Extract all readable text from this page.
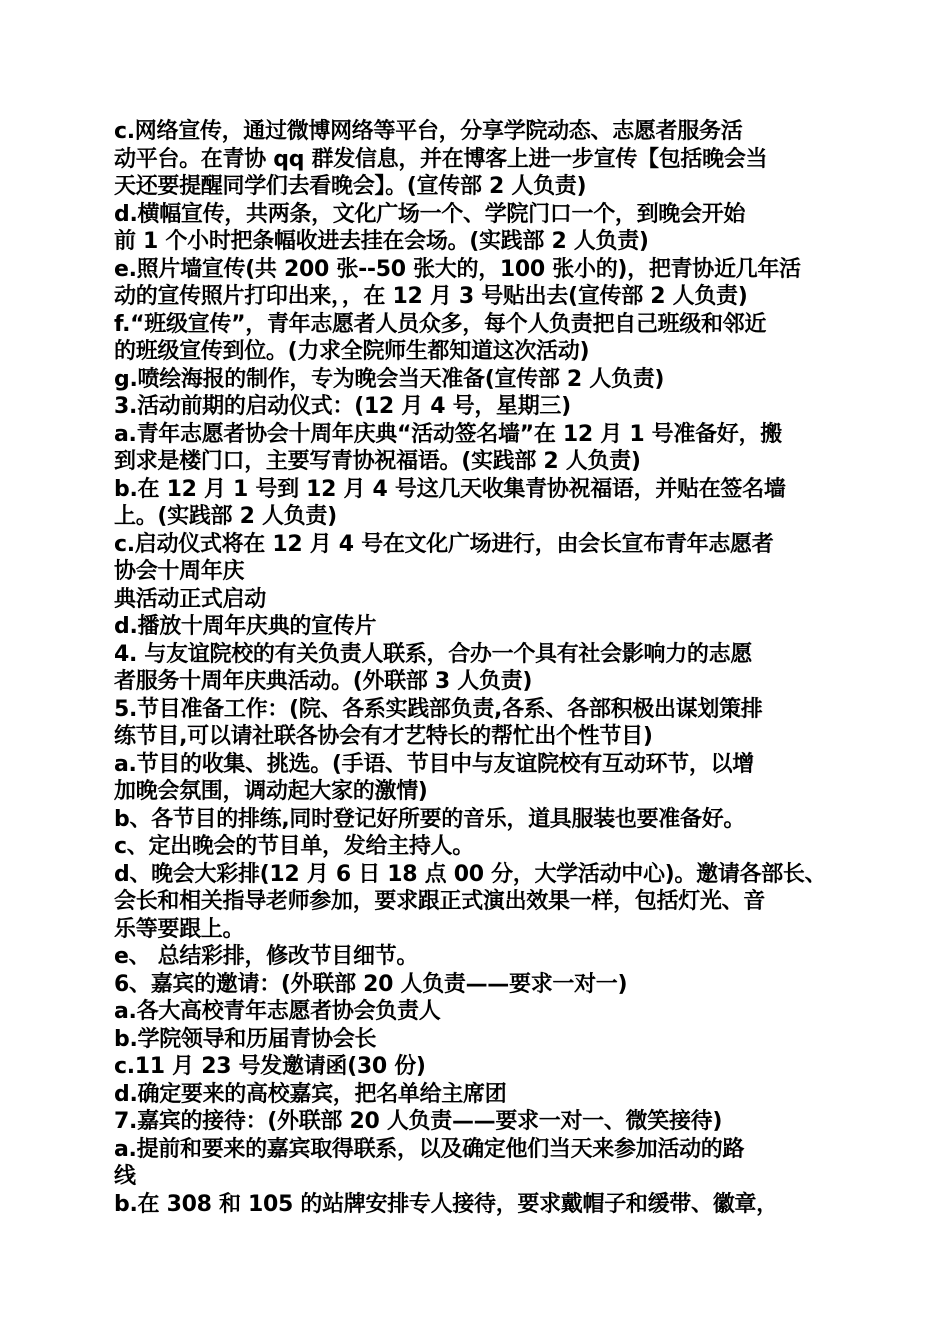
c.网络宣传，通过微博网络等平台，分享学院动态、志愿者服务活
动平台。在青协 qq 群发信息，并在博客上进一步宣传【包括晚会当
天还要提醒同学们去看晚会】。(宣传部 2 人负责)
d.横幅宣传，共两条，文化广场一个、学院门口一个，到晚会开始
前 1 个小时把条幅收进去挂在会场。(实践部 2 人负责)
e.照片墙宣传(共 200 张--50 张大的，100 张小的)，把青协近几年活
动的宣传照片打印出来，，在 12 月 3 号贴出去(宣传部 2 人负责)
f.“班级宣传”，青年志愿者人员众多，每个人负责把自己班级和邻近
的班级宣传到位。(力求全院师生都知道这次活动)
g.喷绘海报的制作，专为晚会当天准备(宣传部 2 人负责)
3.活动前期的启动仪式：(12 月 4 号，星期三)
a.青年志愿者协会十周年庆典“活动签名墙”在 12 月 1 号准备好，搬
到求是楼门口，主要写青协祝福语。(实践部 2 人负责)
b.在 12 月 1 号到 12 月 4 号这几天收集青协祝福语，并贴在签名墙
上。(实践部 2 人负责)
c.启动仪式将在 12 月 4 号在文化广场进行，由会长宣布青年志愿者
协会十周年庆
典活动正式启动
d.播放十周年庆典的宣传片
4. 与友谊院校的有关负责人联系，合办一个具有社会影响力的志愿
者服务十周年庆典活动。(外联部 3 人负责)
5.节目准备工作：(院、各系实践部负责,各系、各部积极出谋划策排
练节目,可以请社联各协会有才艺特长的帮忙出个性节目)
a.节目的收集、挑选。(手语、节目中与友谊院校有互动环节，以增
加晚会氛围，调动起大家的激情)
b、各节目的排练,同时登记好所要的音乐，道具服装也要准备好。
c、定出晚会的节目单，发给主持人。
d、晚会大彩排(12 月 6 日 18 点 00 分，大学活动中心)。邀请各部长、
会长和相关指导老师参加，要求跟正式演出效果一样，包括灯光、音
乐等要跟上。
e、 总结彩排，修改节目细节。
6、嘉宾的邀请：(外联部 20 人负责——要求一对一)
a.各大高校青年志愿者协会负责人
b.学院领导和历届青协会长
c.11 月 23 号发邀请函(30 份)
d.确定要来的高校嘉宾，把名单给主席团
7.嘉宾的接待：(外联部 20 人负责——要求一对一、微笑接待)
a.提前和要来的嘉宾取得联系，以及确定他们当天来参加活动的路
线
b.在 308 和 105 的站牌安排专人接待，要求戴帽子和缓带、徽章，
